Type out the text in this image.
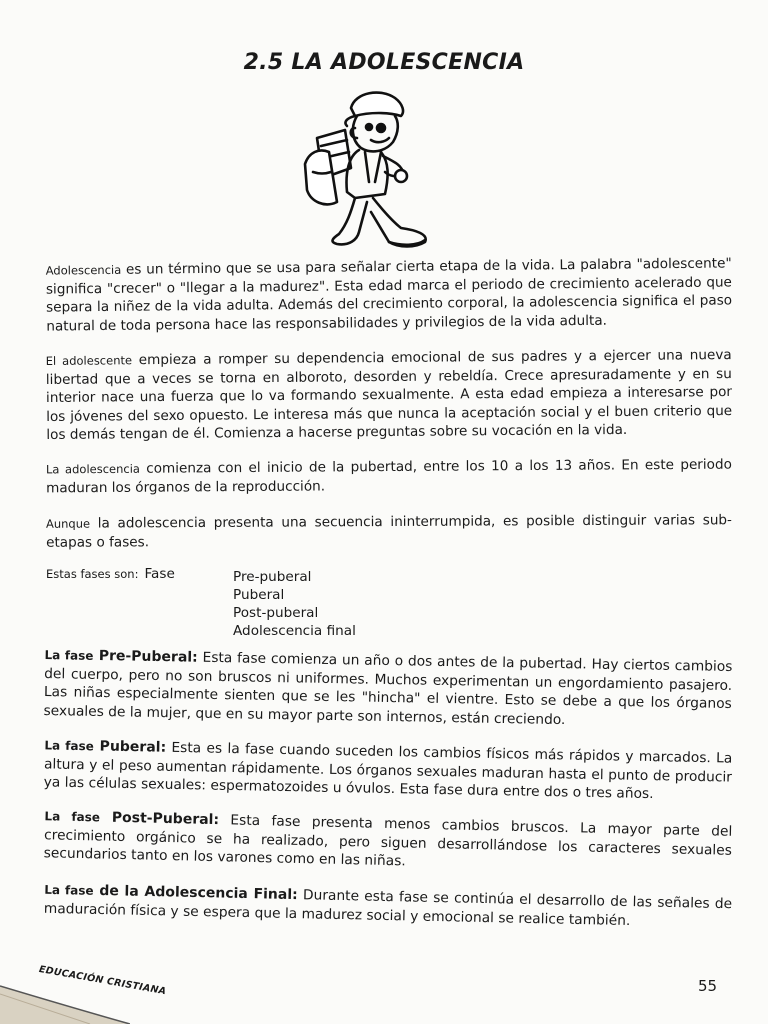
2.5 LA ADOLESCENCIA
Adolescencia es un término que se usa para señalar cierta etapa de la vida. La palabra "adolescente" significa "crecer" o "llegar a la madurez". Esta edad marca el periodo de crecimiento acelerado que separa la niñez de la vida adulta. Además del crecimiento corporal, la adolescencia significa el paso natural de toda persona hace las responsabilidades y privilegios de la vida adulta.
El adolescente empieza a romper su dependencia emocional de sus padres y a ejercer una nueva libertad que a veces se torna en alboroto, desorden y rebeldía. Crece apresuradamente y en su interior nace una fuerza que lo va formando sexualmente. A esta edad empieza a interesarse por los jóvenes del sexo opuesto. Le interesa más que nunca la aceptación social y el buen criterio que los demás tengan de él. Comienza a hacerse preguntas sobre su vocación en la vida.
La adolescencia comienza con el inicio de la pubertad, entre los 10 a los 13 años. En este periodo maduran los órganos de la reproducción.
Aunque la adolescencia presenta una secuencia ininterrumpida, es posible distinguir varias sub-etapas o fases.
Estas fases son: Fase	Pre-puberal
Puberal
Post-puberal
Adolescencia final
La fase Pre-Puberal: Esta fase comienza un año o dos antes de la pubertad. Hay ciertos cambios del cuerpo, pero no son bruscos ni uniformes. Muchos experimentan un engordamiento pasajero. Las niñas especialmente sienten que se les "hincha" el vientre. Esto se debe a que los órganos sexuales de la mujer, que en su mayor parte son internos, están creciendo.
La fase Puberal: Esta es la fase cuando suceden los cambios físicos más rápidos y marcados. La altura y el peso aumentan rápidamente. Los órganos sexuales maduran hasta el punto de producir ya las células sexuales: espermatozoides u óvulos. Esta fase dura entre dos o tres años.
La fase Post-Puberal: Esta fase presenta menos cambios bruscos. La mayor parte del crecimiento orgánico se ha realizado, pero siguen desarrollándose los caracteres sexuales secundarios tanto en los varones como en las niñas.
La fase de la Adolescencia Final: Durante esta fase se continúa el desarrollo de las señales de maduración física y se espera que la madurez social y emocional se realice también.
EDUCACIÓN CRISTIANA	55
